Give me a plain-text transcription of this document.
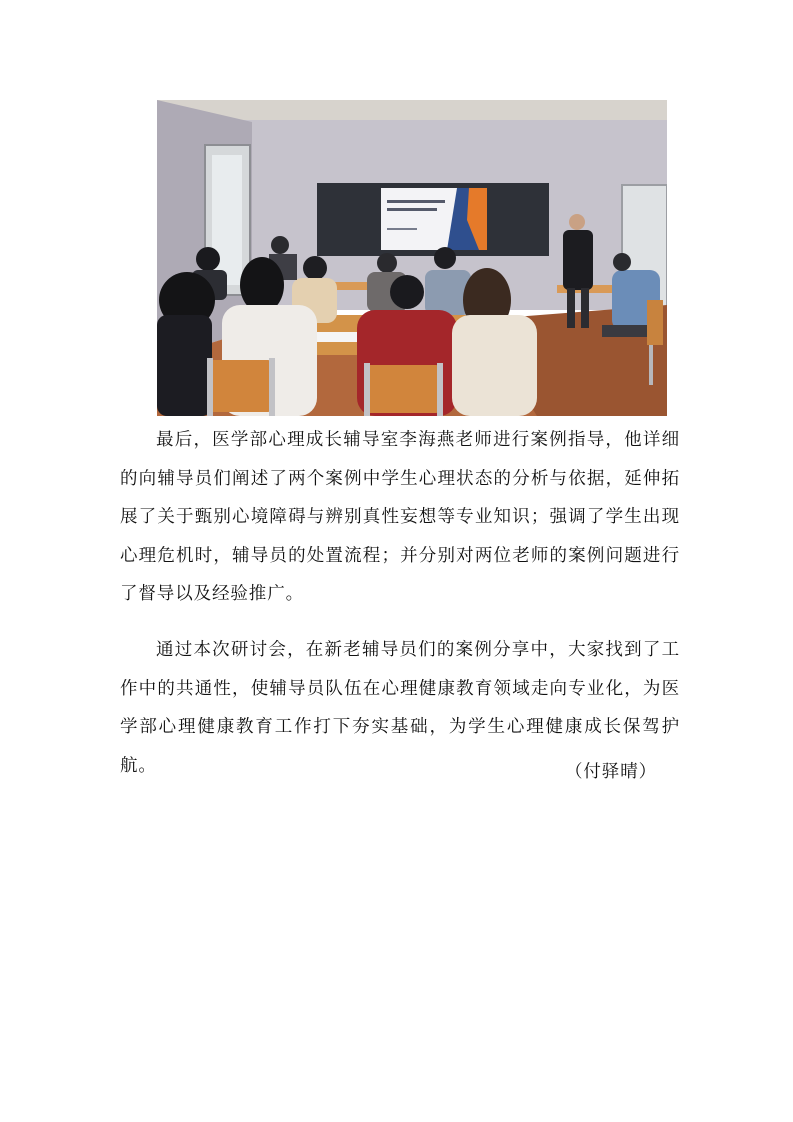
最后，医学部心理成长辅导室李海燕老师进行案例指导，他详细的向辅导员们阐述了两个案例中学生心理状态的分析与依据，延伸拓展了关于甄别心境障碍与辨别真性妄想等专业知识；强调了学生出现心理危机时，辅导员的处置流程；并分别对两位老师的案例问题进行了督导以及经验推广。

通过本次研讨会，在新老辅导员们的案例分享中，大家找到了工作中的共通性，使辅导员队伍在心理健康教育领域走向专业化，为医学部心理健康教育工作打下夯实基础，为学生心理健康成长保驾护航。	（付驿晴）
